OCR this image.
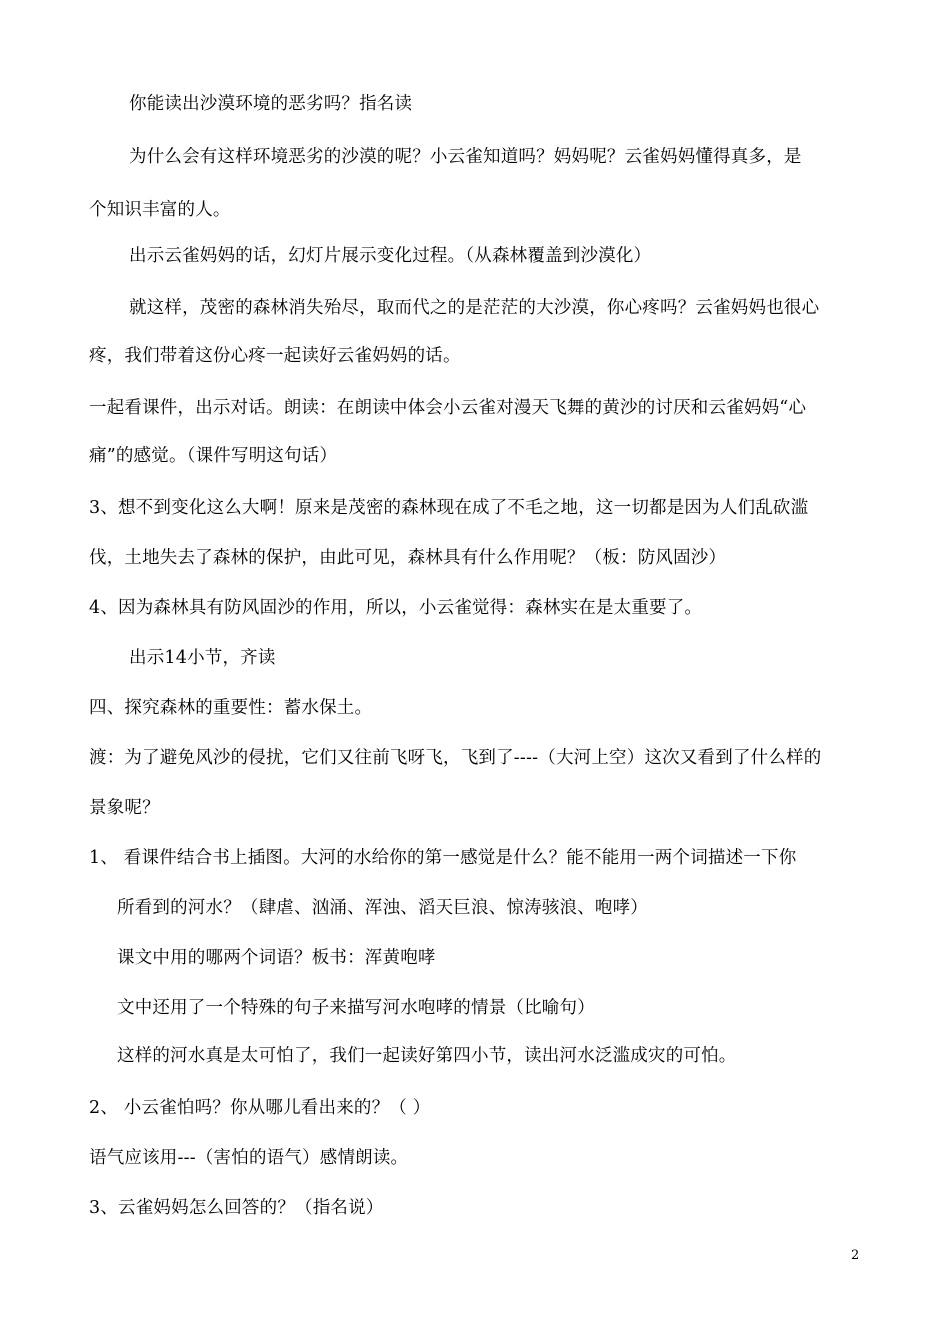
你能读出沙漠环境的恶劣吗？指名读
为什么会有这样环境恶劣的沙漠的呢？小云雀知道吗？妈妈呢？云雀妈妈懂得真多，是
个知识丰富的人。
出示云雀妈妈的话，幻灯片展示变化过程。（从森林覆盖到沙漠化）
就这样，茂密的森林消失殆尽，取而代之的是茫茫的大沙漠，你心疼吗？云雀妈妈也很心
疼，我们带着这份心疼一起读好云雀妈妈的话。
一起看课件，出示对话。朗读：在朗读中体会小云雀对漫天飞舞的黄沙的讨厌和云雀妈妈“心
痛”的感觉。（课件写明这句话）
3、想不到变化这么大啊！原来是茂密的森林现在成了不毛之地，这一切都是因为人们乱砍滥
伐，土地失去了森林的保护，由此可见，森林具有什么作用呢？（板：防风固沙）
4、因为森林具有防风固沙的作用，所以，小云雀觉得：森林实在是太重要了。
出示14小节，齐读
四、探究森林的重要性：蓄水保土。
渡：为了避免风沙的侵扰，它们又往前飞呀飞，飞到了----（大河上空）这次又看到了什么样的
景象呢？
1、 看课件结合书上插图。大河的水给你的第一感觉是什么？能不能用一两个词描述一下你
所看到的河水？（肆虐、汹涌、浑浊、滔天巨浪、惊涛骇浪、咆哮）
课文中用的哪两个词语？板书：浑黄咆哮
文中还用了一个特殊的句子来描写河水咆哮的情景（比喻句）
这样的河水真是太可怕了，我们一起读好第四小节，读出河水泛滥成灾的可怕。
2、 小云雀怕吗？你从哪儿看出来的？（ ）
语气应该用---（害怕的语气）感情朗读。
3、云雀妈妈怎么回答的？（指名说）
2
